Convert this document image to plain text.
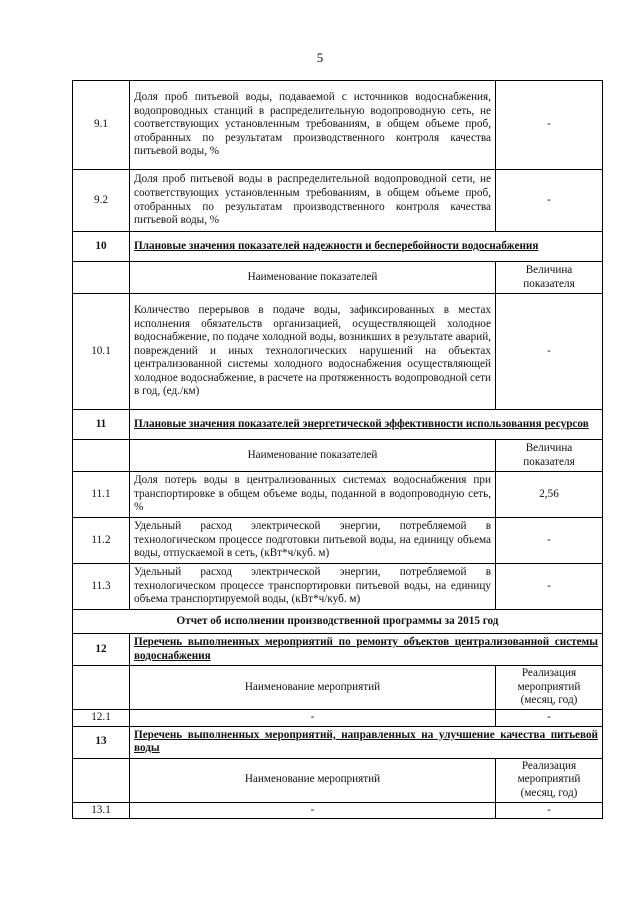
5
9.1	Доля проб питьевой воды, подаваемой с источников водоснабжения, водопроводных станций в распределительную водопроводную сеть, не соответствующих установленным требованиям, в общем объеме проб, отобранных по результатам производственного контроля качества питьевой воды, %	-
9.2	Доля проб питьевой воды в распределительной водопроводной сети, не соответствующих установленным требованиям, в общем объеме проб, отобранных по результатам производственного контроля качества питьевой воды, %	-
10	Плановые значения показателей надежности и бесперебойности водоснабжения	
	Наименование показателей	Величина показателя
10.1	Количество перерывов в подаче воды, зафиксированных в местах исполнения обязательств организацией, осуществляющей холодное водоснабжение, по подаче холодной воды, возникших в результате аварий, повреждений и иных технологических нарушений на объектах централизованной системы холодного водоснабжения осуществляющей холодное водоснабжение, в расчете на протяженность водопроводной сети в год, (ед./км)	-
11	Плановые значения показателей энергетической эффективности использования ресурсов	
	Наименование показателей	Величина показателя
11.1	Доля потерь воды в централизованных системах водоснабжения при транспортировке в общем объеме воды, поданной в водопроводную сеть, %	2,56
11.2	Удельный расход электрической энергии, потребляемой в технологическом процессе подготовки питьевой воды, на единицу объема воды, отпускаемой в сеть, (кВт*ч/куб. м)	-
11.3	Удельный расход электрической энергии, потребляемой в технологическом процессе транспортировки питьевой воды, на единицу объема транспортируемой воды, (кВт*ч/куб. м)	-
Отчет об исполнении производственной программы за 2015 год		
12	Перечень выполненных мероприятий по ремонту объектов централизованной системы водоснабжения	
	Наименование мероприятий	Реализация мероприятий (месяц, год)
12.1	-	-
13	Перечень выполненных мероприятий, направленных на улучшение качества питьевой воды	
	Наименование мероприятий	Реализация мероприятий (месяц, год)
13.1	-	-
